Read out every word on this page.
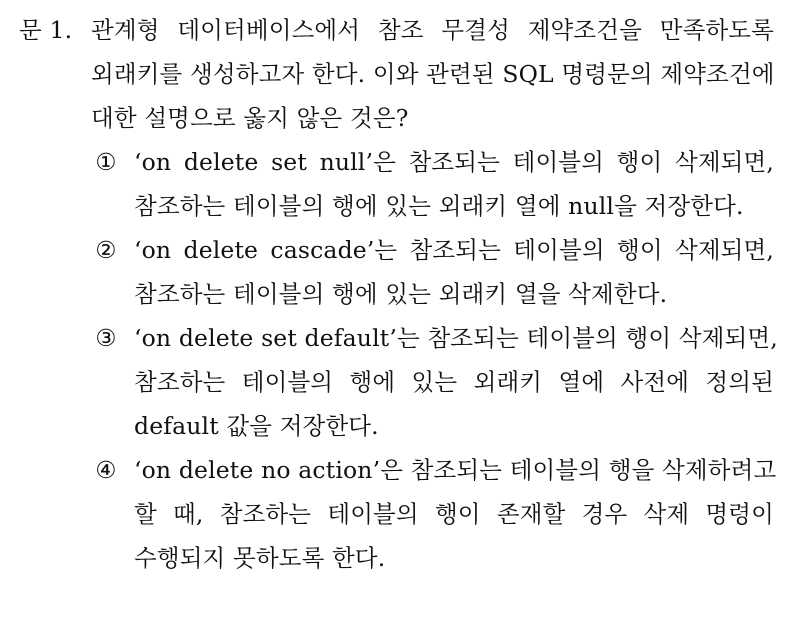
문 1. 관계형 데이터베이스에서 참조 무결성 제약조건을 만족하도록
외래키를 생성하고자 한다. 이와 관련된 SQL 명령문의 제약조건에
대한 설명으로 옳지 않은 것은?
① ‘on delete set null’은 참조되는 테이블의 행이 삭제되면,
참조하는 테이블의 행에 있는 외래키 열에 null을 저장한다.
② ‘on delete cascade’는 참조되는 테이블의 행이 삭제되면,
참조하는 테이블의 행에 있는 외래키 열을 삭제한다.
③ ‘on delete set default’는 참조되는 테이블의 행이 삭제되면,
참조하는 테이블의 행에 있는 외래키 열에 사전에 정의된
default 값을 저장한다.
④ ‘on delete no action’은 참조되는 테이블의 행을 삭제하려고
할 때, 참조하는 테이블의 행이 존재할 경우 삭제 명령이
수행되지 못하도록 한다.
